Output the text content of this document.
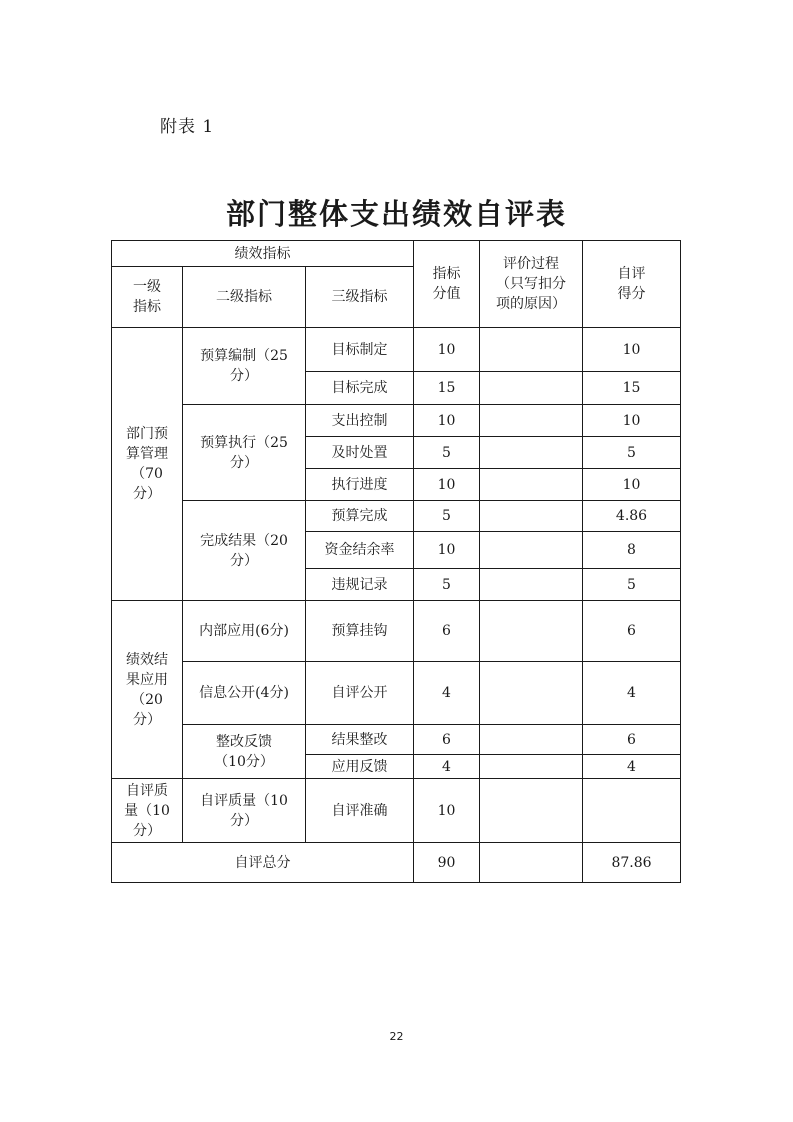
附表 1
部门整体支出绩效自评表
绩效指标			指标分值	评价过程（只写扣分项的原因）	自评得分
一级指标	二级指标	三级指标			
部门预算管理（70分）	预算编制（25分）	目标制定	10		10
		目标完成	15		15
	预算执行（25分）	支出控制	10		10
		及时处置	5		5
		执行进度	10		10
	完成结果（20分）	预算完成	5		4.86
		资金结余率	10		8
		违规记录	5		5
绩效结果应用（20分）	内部应用(6分)	预算挂钩	6		6
	信息公开(4分)	自评公开	4		4
	整改反馈（10分）	结果整改	6		6
		应用反馈	4		4
自评质量（10分）	自评质量（10分）	自评准确	10		
自评总分			90		87.86
22
